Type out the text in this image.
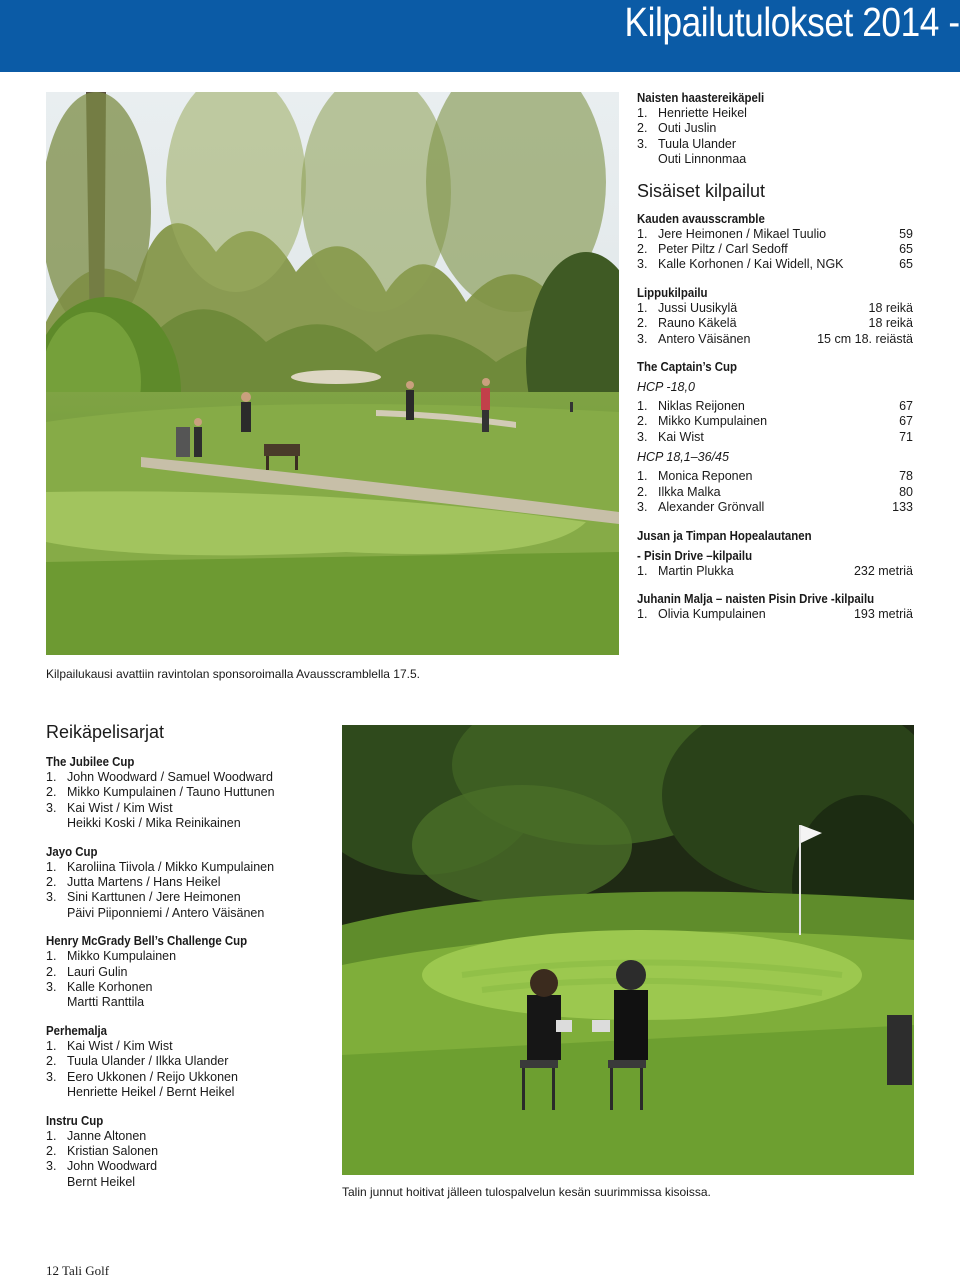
Kilpailutulokset 2014 -
Kilpailukausi avattiin ravintolan sponsoroimalla Avausscramblella 17.5.
Naisten haastereikäpeli
1. Henriette Heikel
2. Outi Juslin
3. Tuula Ulander
Outi Linnonmaa
Sisäiset kilpailut
Kauden avausscramble
1. Jere Heimonen / Mikael Tuulio	59
2. Peter Piltz / Carl Sedoff	65
3. Kalle Korhonen / Kai Widell, NGK	65
Lippukilpailu
1. Jussi Uusikylä	18 reikä
2. Rauno Käkelä	18 reikä
3. Antero Väisänen	15 cm 18. reiästä
The Captain’s Cup
HCP -18,0
1. Niklas Reijonen	67
2. Mikko Kumpulainen	67
3. Kai Wist	71
HCP 18,1–36/45
1. Monica Reponen	78
2. Ilkka Malka	80
3. Alexander Grönvall	133
Jusan ja Timpan Hopealautanen
- Pisin Drive –kilpailu
1. Martin Plukka	232 metriä
Juhanin Malja – naisten Pisin Drive -kilpailu
1. Olivia Kumpulainen	193 metriä
Reikäpelisarjat
The Jubilee Cup
1. John Woodward / Samuel Woodward
2. Mikko Kumpulainen / Tauno Huttunen
3. Kai Wist / Kim Wist
Heikki Koski / Mika Reinikainen
Jayo Cup
1. Karoliina Tiivola / Mikko Kumpulainen
2. Jutta Martens / Hans Heikel
3. Sini Karttunen / Jere Heimonen
Päivi Piiponniemi / Antero Väisänen
Henry McGrady Bell’s Challenge Cup
1. Mikko Kumpulainen
2. Lauri Gulin
3. Kalle Korhonen
Martti Ranttila
Perhemalja
1. Kai Wist / Kim Wist
2. Tuula Ulander / Ilkka Ulander
3. Eero Ukkonen / Reijo Ukkonen
Henriette Heikel / Bernt Heikel
Instru Cup
1. Janne Altonen
2. Kristian Salonen
3. John Woodward
Bernt Heikel
Talin junnut hoitivat jälleen tulospalvelun kesän suurimmissa kisoissa.
12 Tali Golf
